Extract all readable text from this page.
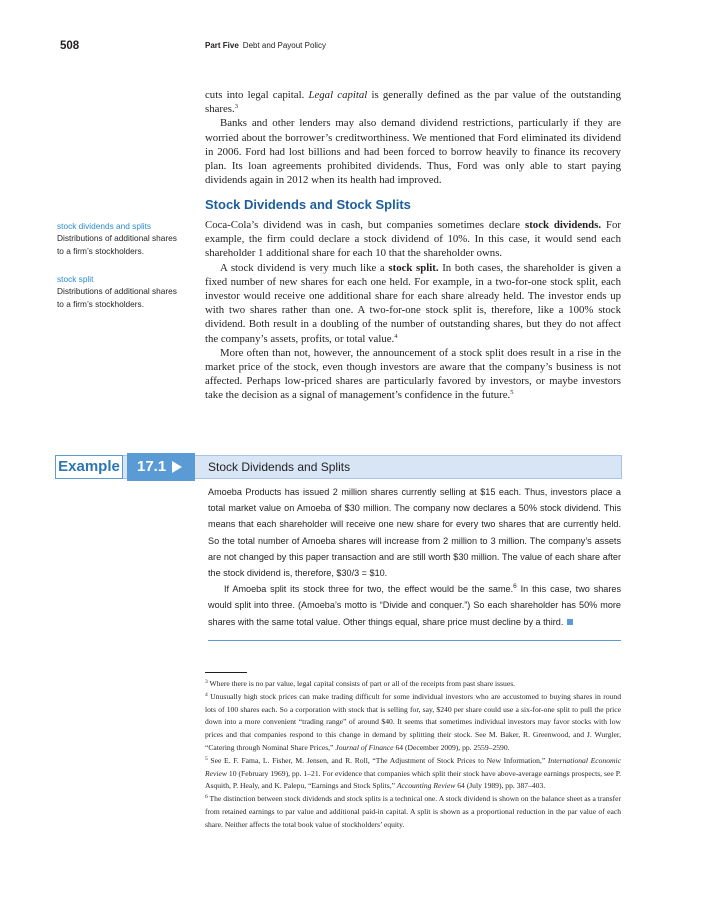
508	Part Five Debt and Payout Policy

cuts into legal capital. Legal capital is generally defined as the par value of the outstanding shares.$^3$

Banks and other lenders may also demand dividend restrictions, particularly if they are worried about the borrower’s creditworthiness. We mentioned that Ford eliminated its dividend in 2006. Ford had lost billions and had been forced to borrow heavily to finance its recovery plan. Its loan agreements prohibited dividends. Thus, Ford was only able to start paying dividends again in 2012 when its health had improved.

Stock Dividends and Stock Splits

Coca-Cola’s dividend was in cash, but companies sometimes declare stock dividends. For example, the firm could declare a stock dividend of 10%. In this case, it would send each shareholder 1 additional share for each 10 that the shareholder owns.

A stock dividend is very much like a stock split. In both cases, the shareholder is given a fixed number of new shares for each one held. For example, in a two-for-one stock split, each investor would receive one additional share for each share already held. The investor ends up with two shares rather than one. A two-for-one stock split is, therefore, like a 100% stock dividend. Both result in a doubling of the number of outstanding shares, but they do not affect the company’s assets, profits, or total value.$^4$

More often than not, however, the announcement of a stock split does result in a rise in the market price of the stock, even though investors are aware that the company’s business is not affected. Perhaps low-priced shares are particularly favored by investors, or maybe investors take the decision as a signal of management’s confidence in the future.$^5$

stock dividends and splits
Distributions of additional shares to a firm’s stockholders.
stock split
Distributions of additional shares to a firm’s stockholders.
Example	17.1	Stock Dividends and Splits

Amoeba Products has issued 2 million shares currently selling at $15 each. Thus, investors place a total market value on Amoeba of $30 million. The company now declares a 50% stock dividend. This means that each shareholder will receive one new share for every two shares that are currently held. So the total number of Amoeba shares will increase from 2 million to 3 million. The company’s assets are not changed by this paper transaction and are still worth $30 million. The value of each share after the stock dividend is, therefore, $30/3 = $10.

If Amoeba split its stock three for two, the effect would be the same.$^6$ In this case, two shares would split into three. (Amoeba’s motto is “Divide and conquer.”) So each shareholder has 50% more shares with the same total value. Other things equal, share price must decline by a third.

$^3$ Where there is no par value, legal capital consists of part or all of the receipts from past share issues.

$^4$ Unusually high stock prices can make trading difficult for some individual investors who are accustomed to buying shares in round lots of 100 shares each. So a corporation with stock that is selling for, say, $240 per share could use a six-for-one split to pull the price down into a more convenient “trading range” of around $40. It seems that sometimes individual investors may favor stocks with low prices and that companies respond to this change in demand by splitting their stock. See M. Baker, R. Greenwood, and J. Wurgler, “Catering through Nominal Share Prices,” Journal of Finance 64 (December 2009), pp. 2559–2590.

$^5$ See E. F. Fama, L. Fisher, M. Jensen, and R. Roll, “The Adjustment of Stock Prices to New Information,” International Economic Review 10 (February 1969), pp. 1–21. For evidence that companies which split their stock have above-average earnings prospects, see P. Asquith, P. Healy, and K. Palepu, “Earnings and Stock Splits,” Accounting Review 64 (July 1989), pp. 387–403.

$^6$ The distinction between stock dividends and stock splits is a technical one. A stock dividend is shown on the balance sheet as a transfer from retained earnings to par value and additional paid-in capital. A split is shown as a proportional reduction in the par value of each share. Neither affects the total book value of stockholders’ equity.
